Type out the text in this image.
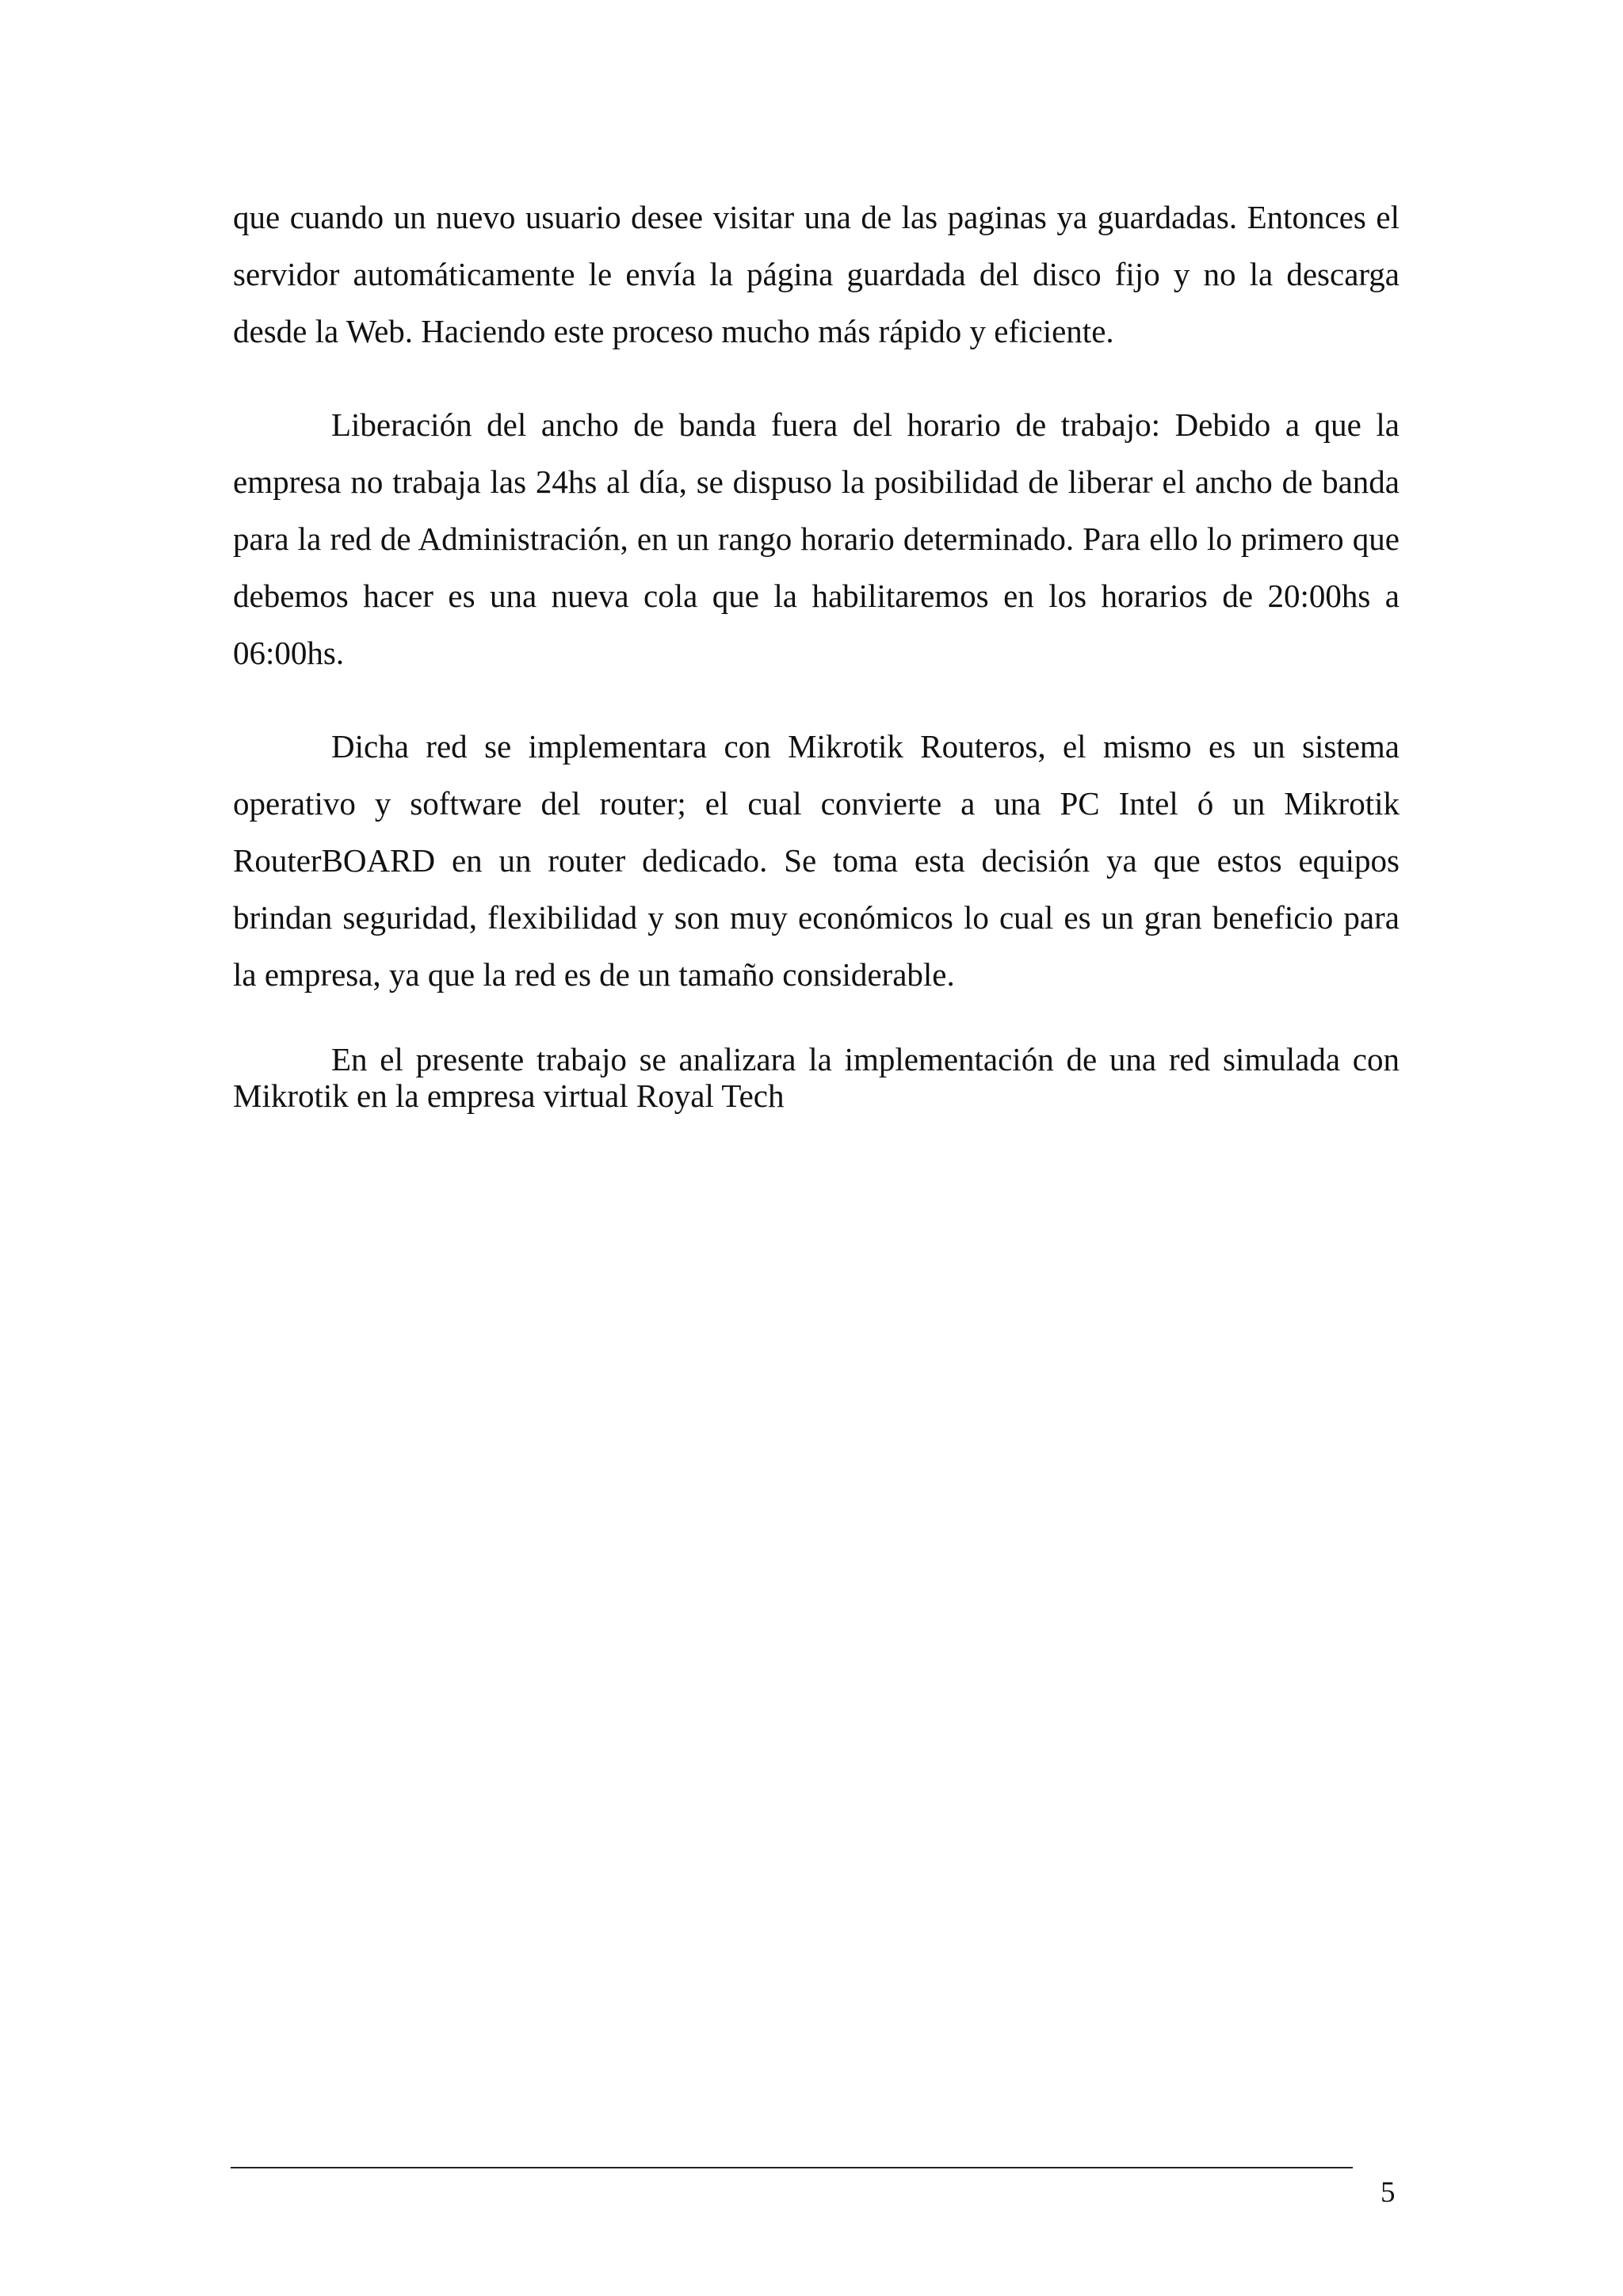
que cuando un nuevo usuario desee visitar una de las paginas ya guardadas. Entonces el servidor automáticamente le envía la página guardada del disco fijo y no la descarga desde la Web. Haciendo este proceso mucho más rápido y eficiente.

Liberación del ancho de banda fuera del horario de trabajo: Debido a que la empresa no trabaja las 24hs al día, se dispuso la posibilidad de liberar el ancho de banda para la red de Administración, en un rango horario determinado. Para ello lo primero que debemos hacer es una nueva cola que la habilitaremos en los horarios de 20:00hs a 06:00hs.

Dicha red se implementara con Mikrotik Routeros, el mismo es un sistema operativo y software del router; el cual convierte a una PC Intel ó un Mikrotik RouterBOARD en un router dedicado. Se toma esta decisión ya que estos equipos brindan seguridad, flexibilidad y son muy económicos lo cual es un gran beneficio para la empresa, ya que la red es de un tamaño considerable.

En el presente trabajo se analizara la implementación de una red simulada con Mikrotik en la empresa virtual Royal Tech

5
